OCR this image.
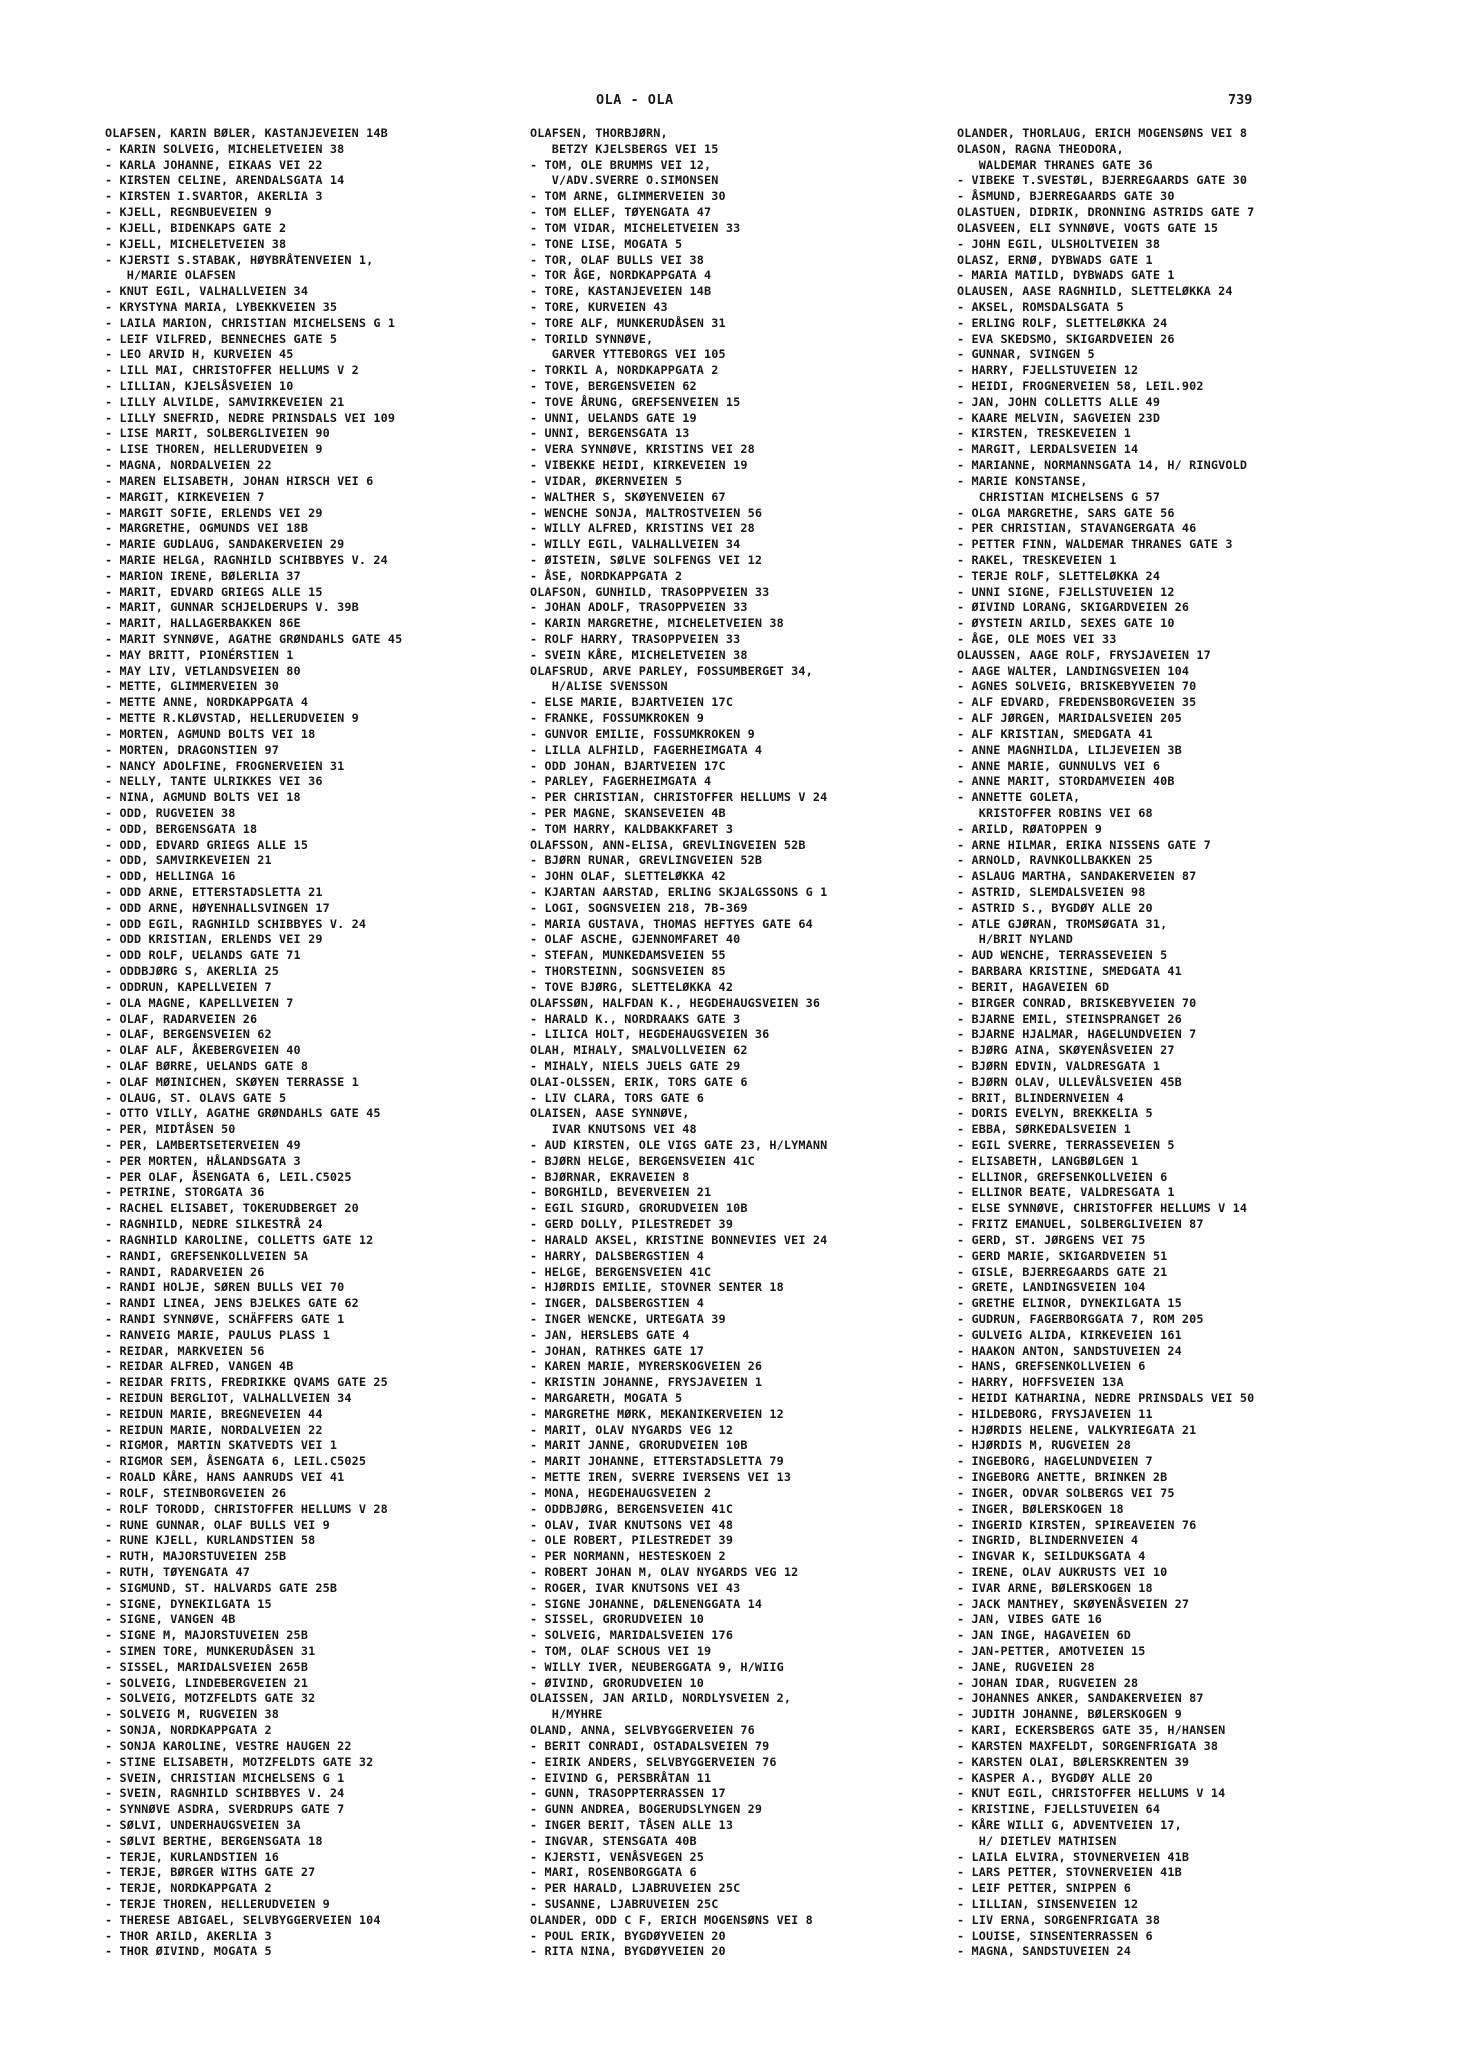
OLA - OLA	739
OLAFSEN, KARIN BØLER, KASTANJEVEIEN 14B
- KARIN SOLVEIG, MICHELETVEIEN 38
- KARLA JOHANNE, EIKAAS VEI 22
- KIRSTEN CELINE, ARENDALSGATA 14
- KIRSTEN I.SVARTOR, AKERLIA 3
- KJELL, REGNBUEVEIEN 9
- KJELL, BIDENKAPS GATE 2
- KJELL, MICHELETVEIEN 38
- KJERSTI S.STABAK, HØYBRÅTENVEIEN 1,
H/MARIE OLAFSEN
- KNUT EGIL, VALHALLVEIEN 34
- KRYSTYNA MARIA, LYBEKKVEIEN 35
- LAILA MARION, CHRISTIAN MICHELSENS G 1
- LEIF VILFRED, BENNECHES GATE 5
- LEO ARVID H, KURVEIEN 45
- LILL MAI, CHRISTOFFER HELLUMS V 2
- LILLIAN, KJELSÅSVEIEN 10
- LILLY ALVILDE, SAMVIRKEVEIEN 21
- LILLY SNEFRID, NEDRE PRINSDALS VEI 109
- LISE MARIT, SOLBERGLIVEIEN 90
- LISE THOREN, HELLERUDVEIEN 9
- MAGNA, NORDALVEIEN 22
- MAREN ELISABETH, JOHAN HIRSCH VEI 6
- MARGIT, KIRKEVEIEN 7
- MARGIT SOFIE, ERLENDS VEI 29
- MARGRETHE, OGMUNDS VEI 18B
- MARIE GUDLAUG, SANDAKERVEIEN 29
- MARIE HELGA, RAGNHILD SCHIBBYES V. 24
- MARION IRENE, BØLERLIA 37
- MARIT, EDVARD GRIEGS ALLE 15
- MARIT, GUNNAR SCHJELDERUPS V. 39B
- MARIT, HALLAGERBAKKEN 86E
- MARIT SYNNØVE, AGATHE GRØNDAHLS GATE 45
- MAY BRITT, PIONÉRSTIEN 1
- MAY LIV, VETLANDSVEIEN 80
- METTE, GLIMMERVEIEN 30
- METTE ANNE, NORDKAPPGATA 4
- METTE R.KLØVSTAD, HELLERUDVEIEN 9
- MORTEN, AGMUND BOLTS VEI 18
- MORTEN, DRAGONSTIEN 97
- NANCY ADOLFINE, FROGNERVEIEN 31
- NELLY, TANTE ULRIKKES VEI 36
- NINA, AGMUND BOLTS VEI 18
- ODD, RUGVEIEN 38
- ODD, BERGENSGATA 18
- ODD, EDVARD GRIEGS ALLE 15
- ODD, SAMVIRKEVEIEN 21
- ODD, HELLINGA 16
- ODD ARNE, ETTERSTADSLETTA 21
- ODD ARNE, HØYENHALLSVINGEN 17
- ODD EGIL, RAGNHILD SCHIBBYES V. 24
- ODD KRISTIAN, ERLENDS VEI 29
- ODD ROLF, UELANDS GATE 71
- ODDBJØRG S, AKERLIA 25
- ODDRUN, KAPELLVEIEN 7
- OLA MAGNE, KAPELLVEIEN 7
- OLAF, RADARVEIEN 26
- OLAF, BERGENSVEIEN 62
- OLAF ALF, ÅKEBERGVEIEN 40
- OLAF BØRRE, UELANDS GATE 8
- OLAF MØINICHEN, SKØYEN TERRASSE 1
- OLAUG, ST. OLAVS GATE 5
- OTTO VILLY, AGATHE GRØNDAHLS GATE 45
- PER, MIDTÅSEN 50
- PER, LAMBERTSETERVEIEN 49
- PER MORTEN, HÅLANDSGATA 3
- PER OLAF, ÅSENGATA 6, LEIL.C5025
- PETRINE, STORGATA 36
- RACHEL ELISABET, TOKERUDBERGET 20
- RAGNHILD, NEDRE SILKESTRÅ 24
- RAGNHILD KAROLINE, COLLETTS GATE 12
- RANDI, GREFSENKOLLVEIEN 5A
- RANDI, RADARVEIEN 26
- RANDI HOLJE, SØREN BULLS VEI 70
- RANDI LINEA, JENS BJELKES GATE 62
- RANDI SYNNØVE, SCHÄFFERS GATE 1
- RANVEIG MARIE, PAULUS PLASS 1
- REIDAR, MARKVEIEN 56
- REIDAR ALFRED, VANGEN 4B
- REIDAR FRITS, FREDRIKKE QVAMS GATE 25
- REIDUN BERGLIOT, VALHALLVEIEN 34
- REIDUN MARIE, BREGNEVEIEN 44
- REIDUN MARIE, NORDALVEIEN 22
- RIGMOR, MARTIN SKATVEDTS VEI 1
- RIGMOR SEM, ÅSENGATA 6, LEIL.C5025
- ROALD KÅRE, HANS AANRUDS VEI 41
- ROLF, STEINBORGVEIEN 26
- ROLF TORODD, CHRISTOFFER HELLUMS V 28
- RUNE GUNNAR, OLAF BULLS VEI 9
- RUNE KJELL, KURLANDSTIEN 58
- RUTH, MAJORSTUVEIEN 25B
- RUTH, TØYENGATA 47
- SIGMUND, ST. HALVARDS GATE 25B
- SIGNE, DYNEKILGATA 15
- SIGNE, VANGEN 4B
- SIGNE M, MAJORSTUVEIEN 25B
- SIMEN TORE, MUNKERUDÅSEN 31
- SISSEL, MARIDALSVEIEN 265B
- SOLVEIG, LINDEBERGVEIEN 21
- SOLVEIG, MOTZFELDTS GATE 32
- SOLVEIG M, RUGVEIEN 38
- SONJA, NORDKAPPGATA 2
- SONJA KAROLINE, VESTRE HAUGEN 22
- STINE ELISABETH, MOTZFELDTS GATE 32
- SVEIN, CHRISTIAN MICHELSENS G 1
- SVEIN, RAGNHILD SCHIBBYES V. 24
- SYNNØVE ASDRA, SVERDRUPS GATE 7
- SØLVI, UNDERHAUGSVEIEN 3A
- SØLVI BERTHE, BERGENSGATA 18
- TERJE, KURLANDSTIEN 16
- TERJE, BØRGER WITHS GATE 27
- TERJE, NORDKAPPGATA 2
- TERJE THOREN, HELLERUDVEIEN 9
- THERESE ABIGAEL, SELVBYGGERVEIEN 104
- THOR ARILD, AKERLIA 3
- THOR ØIVIND, MOGATA 5
OLAFSEN, THORBJØRN,
BETZY KJELSBERGS VEI 15
- TOM, OLE BRUMMS VEI 12,
V/ADV.SVERRE O.SIMONSEN
- TOM ARNE, GLIMMERVEIEN 30
- TOM ELLEF, TØYENGATA 47
- TOM VIDAR, MICHELETVEIEN 33
- TONE LISE, MOGATA 5
- TOR, OLAF BULLS VEI 38
- TOR ÅGE, NORDKAPPGATA 4
- TORE, KASTANJEVEIEN 14B
- TORE, KURVEIEN 43
- TORE ALF, MUNKERUDÅSEN 31
- TORILD SYNNØVE,
GARVER YTTEBORGS VEI 105
- TORKIL A, NORDKAPPGATA 2
- TOVE, BERGENSVEIEN 62
- TOVE ÅRUNG, GREFSENVEIEN 15
- UNNI, UELANDS GATE 19
- UNNI, BERGENSGATA 13
- VERA SYNNØVE, KRISTINS VEI 28
- VIBEKKE HEIDI, KIRKEVEIEN 19
- VIDAR, ØKERNVEIEN 5
- WALTHER S, SKØYENVEIEN 67
- WENCHE SONJA, MALTROSTVEIEN 56
- WILLY ALFRED, KRISTINS VEI 28
- WILLY EGIL, VALHALLVEIEN 34
- ØISTEIN, SØLVE SOLFENGS VEI 12
- ÅSE, NORDKAPPGATA 2
OLAFSON, GUNHILD, TRASOPPVEIEN 33
- JOHAN ADOLF, TRASOPPVEIEN 33
- KARIN MARGRETHE, MICHELETVEIEN 38
- ROLF HARRY, TRASOPPVEIEN 33
- SVEIN KÅRE, MICHELETVEIEN 38
OLAFSRUD, ARVE PARLEY, FOSSUMBERGET 34,
H/ALISE SVENSSON
- ELSE MARIE, BJARTVEIEN 17C
- FRANKE, FOSSUMKROKEN 9
- GUNVOR EMILIE, FOSSUMKROKEN 9
- LILLA ALFHILD, FAGERHEIMGATA 4
- ODD JOHAN, BJARTVEIEN 17C
- PARLEY, FAGERHEIMGATA 4
- PER CHRISTIAN, CHRISTOFFER HELLUMS V 24
- PER MAGNE, SKANSEVEIEN 4B
- TOM HARRY, KALDBAKKFARET 3
OLAFSSON, ANN-ELISA, GREVLINGVEIEN 52B
- BJØRN RUNAR, GREVLINGVEIEN 52B
- JOHN OLAF, SLETTELØKKA 42
- KJARTAN AARSTAD, ERLING SKJALGSSONS G 1
- LOGI, SOGNSVEIEN 218, 7B-369
- MARIA GUSTAVA, THOMAS HEFTYES GATE 64
- OLAF ASCHE, GJENNOMFARET 40
- STEFAN, MUNKEDAMSVEIEN 55
- THORSTEINN, SOGNSVEIEN 85
- TOVE BJØRG, SLETTELØKKA 42
OLAFSSØN, HALFDAN K., HEGDEHAUGSVEIEN 36
- HARALD K., NORDRAAKS GATE 3
- LILICA HOLT, HEGDEHAUGSVEIEN 36
OLAH, MIHALY, SMALVOLLVEIEN 62
- MIHALY, NIELS JUELS GATE 29
OLAI-OLSSEN, ERIK, TORS GATE 6
- LIV CLARA, TORS GATE 6
OLAISEN, AASE SYNNØVE,
IVAR KNUTSONS VEI 48
- AUD KIRSTEN, OLE VIGS GATE 23, H/LYMANN
- BJØRN HELGE, BERGENSVEIEN 41C
- BJØRNAR, EKRAVEIEN 8
- BORGHILD, BEVERVEIEN 21
- EGIL SIGURD, GRORUDVEIEN 10B
- GERD DOLLY, PILESTREDET 39
- HARALD AKSEL, KRISTINE BONNEVIES VEI 24
- HARRY, DALSBERGSTIEN 4
- HELGE, BERGENSVEIEN 41C
- HJØRDIS EMILIE, STOVNER SENTER 18
- INGER, DALSBERGSTIEN 4
- INGER WENCKE, URTEGATA 39
- JAN, HERSLEBS GATE 4
- JOHAN, RATHKES GATE 17
- KAREN MARIE, MYRERSKOGVEIEN 26
- KRISTIN JOHANNE, FRYSJAVEIEN 1
- MARGARETH, MOGATA 5
- MARGRETHE MØRK, MEKANIKERVEIEN 12
- MARIT, OLAV NYGARDS VEG 12
- MARIT JANNE, GRORUDVEIEN 10B
- MARIT JOHANNE, ETTERSTADSLETTA 79
- METTE IREN, SVERRE IVERSENS VEI 13
- MONA, HEGDEHAUGSVEIEN 2
- ODDBJØRG, BERGENSVEIEN 41C
- OLAV, IVAR KNUTSONS VEI 48
- OLE ROBERT, PILESTREDET 39
- PER NORMANN, HESTESKOEN 2
- ROBERT JOHAN M, OLAV NYGARDS VEG 12
- ROGER, IVAR KNUTSONS VEI 43
- SIGNE JOHANNE, DÆLENENGGATA 14
- SISSEL, GRORUDVEIEN 10
- SOLVEIG, MARIDALSVEIEN 176
- TOM, OLAF SCHOUS VEI 19
- WILLY IVER, NEUBERGGATA 9, H/WIIG
- ØIVIND, GRORUDVEIEN 10
OLAISSEN, JAN ARILD, NORDLYSVEIEN 2,
H/MYHRE
OLAND, ANNA, SELVBYGGERVEIEN 76
- BERIT CONRADI, OSTADALSVEIEN 79
- EIRIK ANDERS, SELVBYGGERVEIEN 76
- EIVIND G, PERSBRÅTAN 11
- GUNN, TRASOPPTERRASSEN 17
- GUNN ANDREA, BOGERUDSLYNGEN 29
- INGER BERIT, TÅSEN ALLE 13
- INGVAR, STENSGATA 40B
- KJERSTI, VENÅSVEGEN 25
- MARI, ROSENBORGGATA 6
- PER HARALD, LJABRUVEIEN 25C
- SUSANNE, LJABRUVEIEN 25C
OLANDER, ODD C F, ERICH MOGENSØNS VEI 8
- POUL ERIK, BYGDØYVEIEN 20
- RITA NINA, BYGDØYVEIEN 20
OLANDER, THORLAUG, ERICH MOGENSØNS VEI 8
OLASON, RAGNA THEODORA,
WALDEMAR THRANES GATE 36
- VIBEKE T.SVESTØL, BJERREGAARDS GATE 30
- ÅSMUND, BJERREGAARDS GATE 30
OLASTUEN, DIDRIK, DRONNING ASTRIDS GATE 7
OLASVEEN, ELI SYNNØVE, VOGTS GATE 15
- JOHN EGIL, ULSHOLTVEIEN 38
OLASZ, ERNØ, DYBWADS GATE 1
- MARIA MATILD, DYBWADS GATE 1
OLAUSEN, AASE RAGNHILD, SLETTELØKKA 24
- AKSEL, ROMSDALSGATA 5
- ERLING ROLF, SLETTELØKKA 24
- EVA SKEDSMO, SKIGARDVEIEN 26
- GUNNAR, SVINGEN 5
- HARRY, FJELLSTUVEIEN 12
- HEIDI, FROGNERVEIEN 58, LEIL.902
- JAN, JOHN COLLETTS ALLE 49
- KAARE MELVIN, SAGVEIEN 23D
- KIRSTEN, TRESKEVEIEN 1
- MARGIT, LERDALSVEIEN 14
- MARIANNE, NORMANNSGATA 14, H/ RINGVOLD
- MARIE KONSTANSE,
CHRISTIAN MICHELSENS G 57
- OLGA MARGRETHE, SARS GATE 56
- PER CHRISTIAN, STAVANGERGATA 46
- PETTER FINN, WALDEMAR THRANES GATE 3
- RAKEL, TRESKEVEIEN 1
- TERJE ROLF, SLETTELØKKA 24
- UNNI SIGNE, FJELLSTUVEIEN 12
- ØIVIND LORANG, SKIGARDVEIEN 26
- ØYSTEIN ARILD, SEXES GATE 10
- ÅGE, OLE MOES VEI 33
OLAUSSEN, AAGE ROLF, FRYSJAVEIEN 17
- AAGE WALTER, LANDINGSVEIEN 104
- AGNES SOLVEIG, BRISKEBYVEIEN 70
- ALF EDVARD, FREDENSBORGVEIEN 35
- ALF JØRGEN, MARIDALSVEIEN 205
- ALF KRISTIAN, SMEDGATA 41
- ANNE MAGNHILDA, LILJEVEIEN 3B
- ANNE MARIE, GUNNULVS VEI 6
- ANNE MARIT, STORDAMVEIEN 40B
- ANNETTE GOLETA,
KRISTOFFER ROBINS VEI 68
- ARILD, RØATOPPEN 9
- ARNE HILMAR, ERIKA NISSENS GATE 7
- ARNOLD, RAVNKOLLBAKKEN 25
- ASLAUG MARTHA, SANDAKERVEIEN 87
- ASTRID, SLEMDALSVEIEN 98
- ASTRID S., BYGDØY ALLE 20
- ATLE GJØRAN, TROMSØGATA 31,
H/BRIT NYLAND
- AUD WENCHE, TERRASSEVEIEN 5
- BARBARA KRISTINE, SMEDGATA 41
- BERIT, HAGAVEIEN 6D
- BIRGER CONRAD, BRISKEBYVEIEN 70
- BJARNE EMIL, STEINSPRANGET 26
- BJARNE HJALMAR, HAGELUNDVEIEN 7
- BJØRG AINA, SKØYENÅSVEIEN 27
- BJØRN EDVIN, VALDRESGATA 1
- BJØRN OLAV, ULLEVÅLSVEIEN 45B
- BRIT, BLINDERNVEIEN 4
- DORIS EVELYN, BREKKELIA 5
- EBBA, SØRKEDALSVEIEN 1
- EGIL SVERRE, TERRASSEVEIEN 5
- ELISABETH, LANGBØLGEN 1
- ELLINOR, GREFSENKOLLVEIEN 6
- ELLINOR BEATE, VALDRESGATA 1
- ELSE SYNNØVE, CHRISTOFFER HELLUMS V 14
- FRITZ EMANUEL, SOLBERGLIVEIEN 87
- GERD, ST. JØRGENS VEI 75
- GERD MARIE, SKIGARDVEIEN 51
- GISLE, BJERREGAARDS GATE 21
- GRETE, LANDINGSVEIEN 104
- GRETHE ELINOR, DYNEKILGATA 15
- GUDRUN, FAGERBORGGATA 7, ROM 205
- GULVEIG ALIDA, KIRKEVEIEN 161
- HAAKON ANTON, SANDSTUVEIEN 24
- HANS, GREFSENKOLLVEIEN 6
- HARRY, HOFFSVEIEN 13A
- HEIDI KATHARINA, NEDRE PRINSDALS VEI 50
- HILDEBORG, FRYSJAVEIEN 11
- HJØRDIS HELENE, VALKYRIEGATA 21
- HJØRDIS M, RUGVEIEN 28
- INGEBORG, HAGELUNDVEIEN 7
- INGEBORG ANETTE, BRINKEN 2B
- INGER, ODVAR SOLBERGS VEI 75
- INGER, BØLERSKOGEN 18
- INGERID KIRSTEN, SPIREAVEIEN 76
- INGRID, BLINDERNVEIEN 4
- INGVAR K, SEILDUKSGATA 4
- IRENE, OLAV AUKRUSTS VEI 10
- IVAR ARNE, BØLERSKOGEN 18
- JACK MANTHEY, SKØYENÅSVEIEN 27
- JAN, VIBES GATE 16
- JAN INGE, HAGAVEIEN 6D
- JAN-PETTER, AMOTVEIEN 15
- JANE, RUGVEIEN 28
- JOHAN IDAR, RUGVEIEN 28
- JOHANNES ANKER, SANDAKERVEIEN 87
- JUDITH JOHANNE, BØLERSKOGEN 9
- KARI, ECKERSBERGS GATE 35, H/HANSEN
- KARSTEN MAXFELDT, SORGENFRIGATA 38
- KARSTEN OLAI, BØLERSKRENTEN 39
- KASPER A., BYGDØY ALLE 20
- KNUT EGIL, CHRISTOFFER HELLUMS V 14
- KRISTINE, FJELLSTUVEIEN 64
- KÅRE WILLI G, ADVENTVEIEN 17,
H/ DIETLEV MATHISEN
- LAILA ELVIRA, STOVNERVEIEN 41B
- LARS PETTER, STOVNERVEIEN 41B
- LEIF PETTER, SNIPPEN 6
- LILLIAN, SINSENVEIEN 12
- LIV ERNA, SORGENFRIGATA 38
- LOUISE, SINSENTERRASSEN 6
- MAGNA, SANDSTUVEIEN 24
